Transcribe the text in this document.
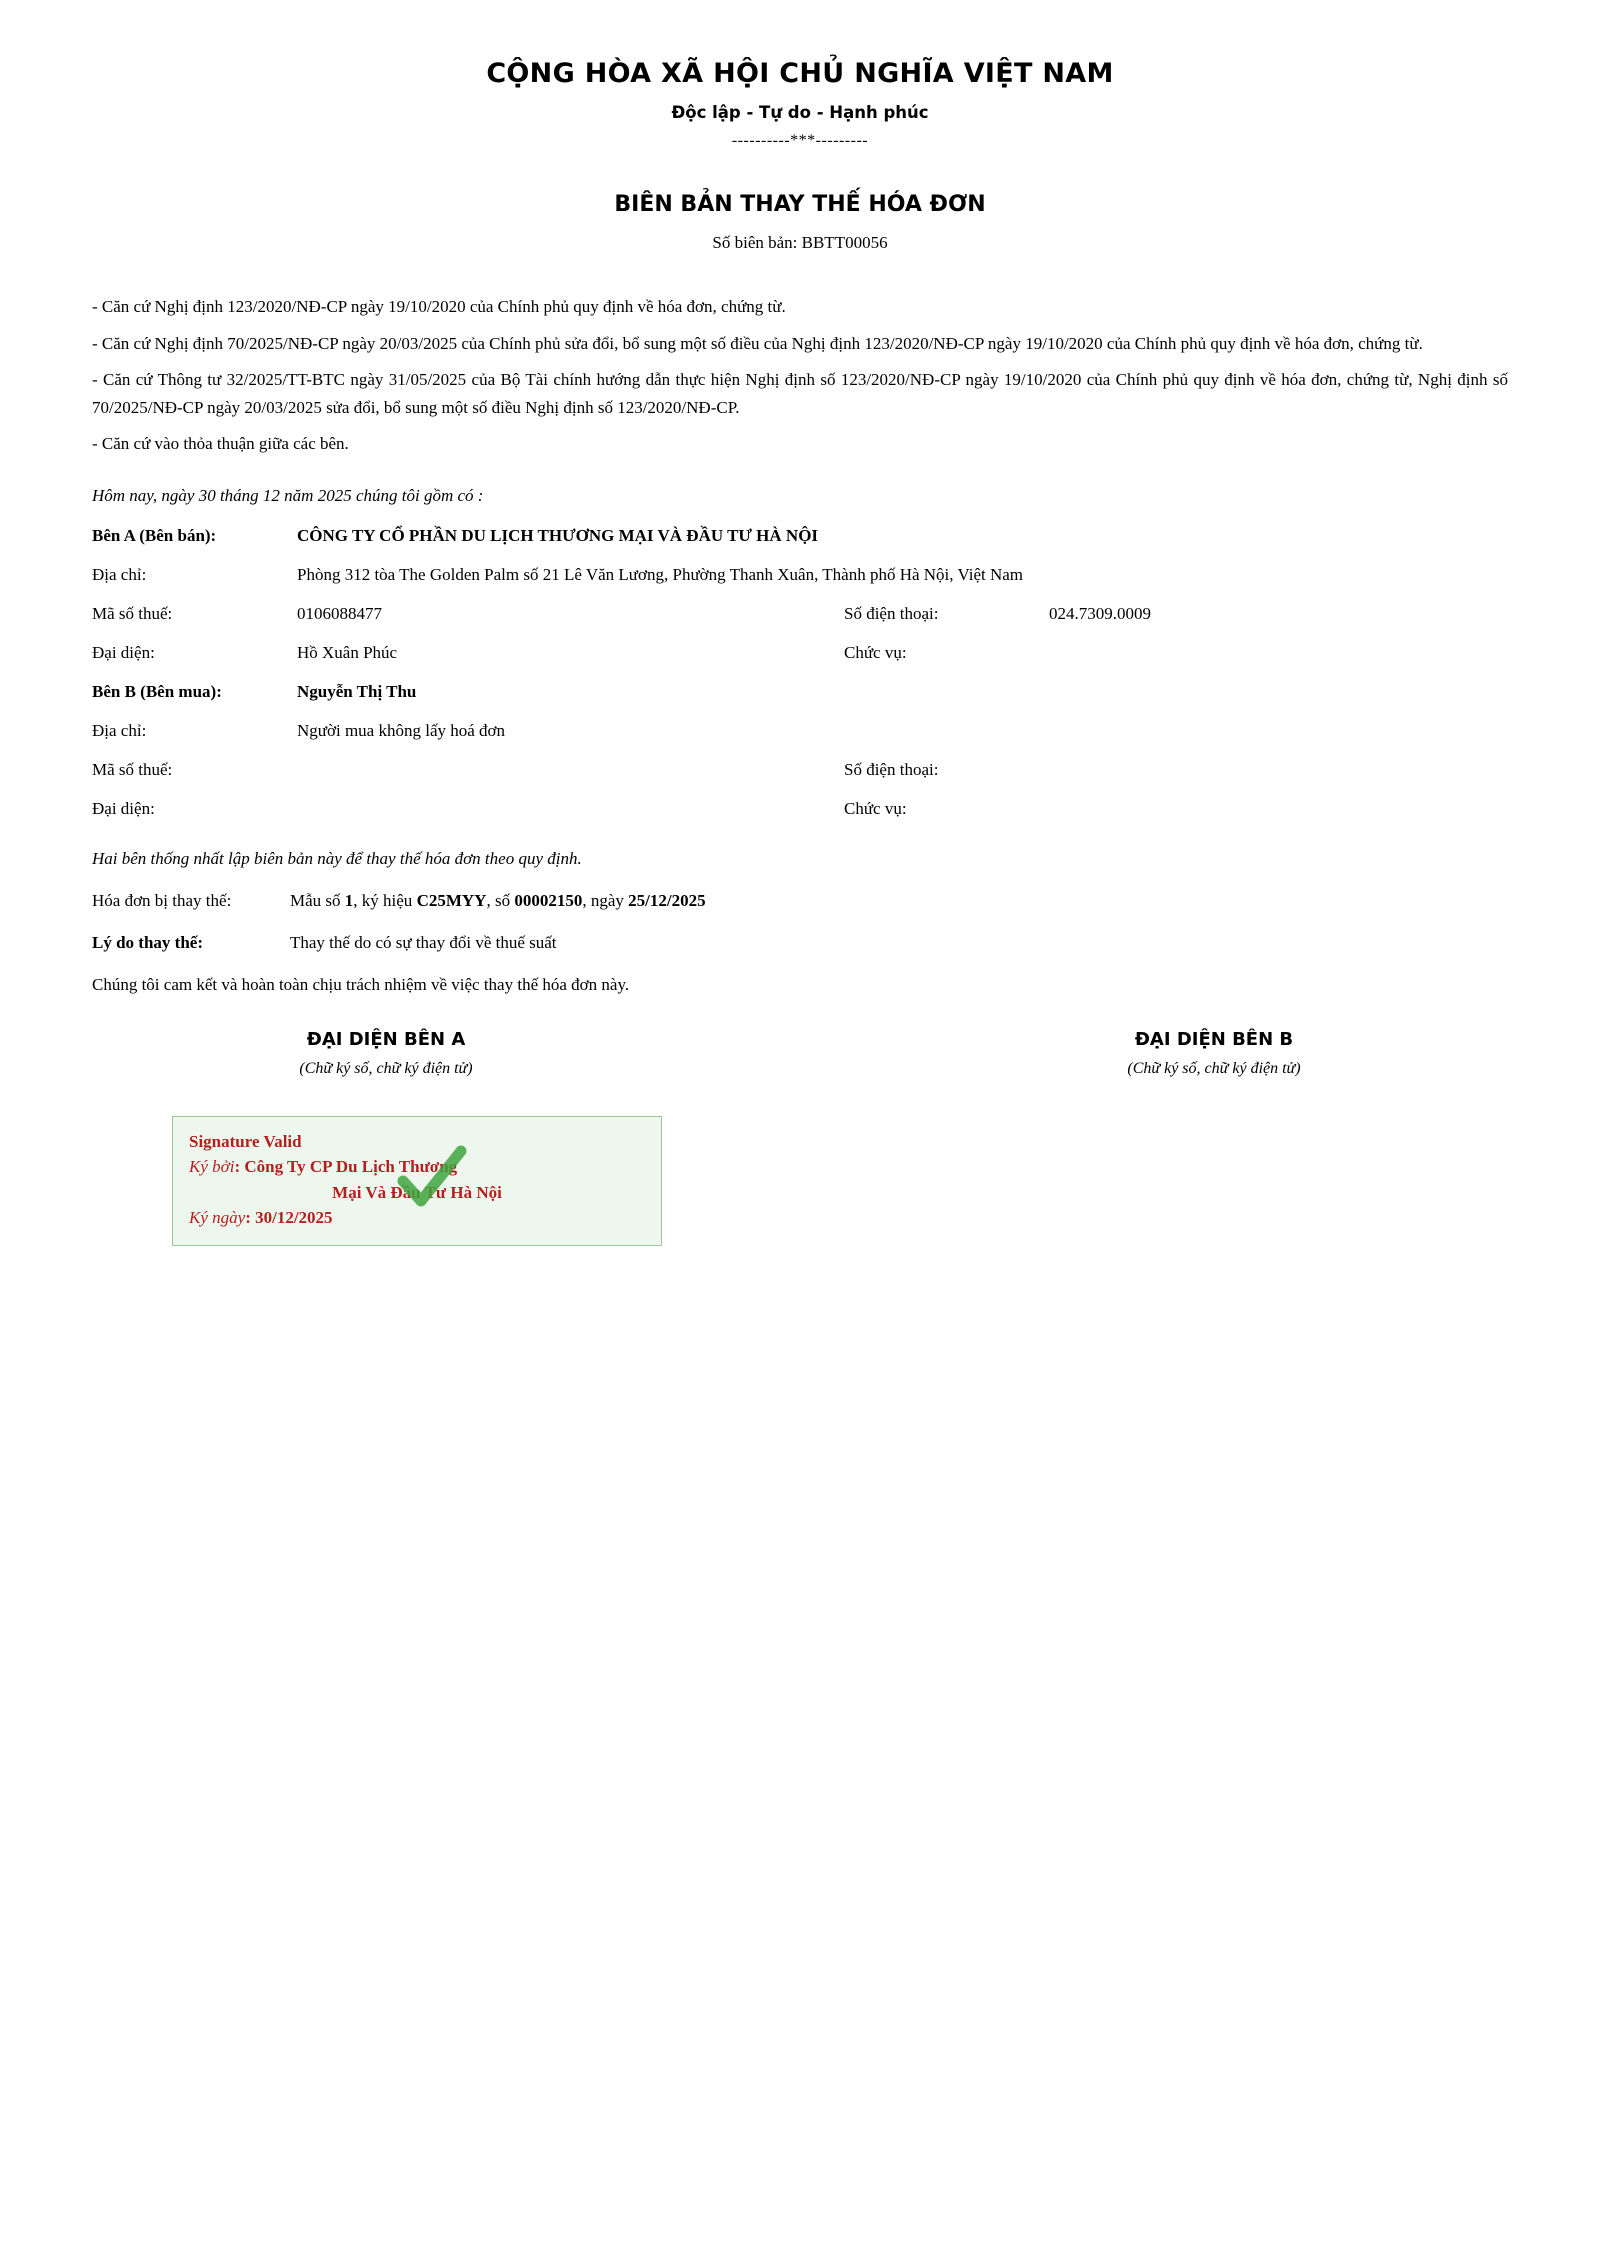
CỘNG HÒA XÃ HỘI CHỦ NGHĨA VIỆT NAM
Độc lập - Tự do - Hạnh phúc
----------***---------
BIÊN BẢN THAY THẾ HÓA ĐƠN
Số biên bản: BBTT00056

- Căn cứ Nghị định 123/2020/NĐ-CP ngày 19/10/2020 của Chính phủ quy định về hóa đơn, chứng từ.

- Căn cứ Nghị định 70/2025/NĐ-CP ngày 20/03/2025 của Chính phủ sửa đổi, bổ sung một số điều của Nghị định 123/2020/NĐ-CP ngày 19/10/2020 của Chính phủ quy định về hóa đơn, chứng từ.

- Căn cứ Thông tư 32/2025/TT-BTC ngày 31/05/2025 của Bộ Tài chính hướng dẫn thực hiện Nghị định số 123/2020/NĐ-CP ngày 19/10/2020 của Chính phủ quy định về hóa đơn, chứng từ, Nghị định số 70/2025/NĐ-CP ngày 20/03/2025 sửa đổi, bổ sung một số điều Nghị định số 123/2020/NĐ-CP.

- Căn cứ vào thỏa thuận giữa các bên.

Hôm nay, ngày 30 tháng 12 năm 2025 chúng tôi gồm có :
Bên A (Bên bán):	CÔNG TY CỔ PHẦN DU LỊCH THƯƠNG MẠI VÀ ĐẦU TƯ HÀ NỘI
Địa chỉ:	Phòng 312 tòa The Golden Palm số 21 Lê Văn Lương, Phường Thanh Xuân, Thành phố Hà Nội, Việt Nam
Mã số thuế:	0106088477	Số điện thoại:	024.7309.0009
Đại diện:	Hồ Xuân Phúc	Chức vụ:
Bên B (Bên mua):	Nguyễn Thị Thu
Địa chỉ:	Người mua không lấy hoá đơn
Mã số thuế:	Số điện thoại:
Đại diện:	Chức vụ:
Hai bên thống nhất lập biên bản này để thay thế hóa đơn theo quy định.
Hóa đơn bị thay thế:	Mẫu số 1, ký hiệu C25MYY, số 00002150, ngày 25/12/2025
Lý do thay thế:	Thay thế do có sự thay đổi về thuế suất
Chúng tôi cam kết và hoàn toàn chịu trách nhiệm về việc thay thế hóa đơn này.
ĐẠI DIỆN BÊN A
(Chữ ký số, chữ ký điện tử)
Signature Valid
Ký bởi: Công Ty CP Du Lịch Thương
Mại Và Đầu Tư Hà Nội
Ký ngày: 30/12/2025
ĐẠI DIỆN BÊN B
(Chữ ký số, chữ ký điện tử)
